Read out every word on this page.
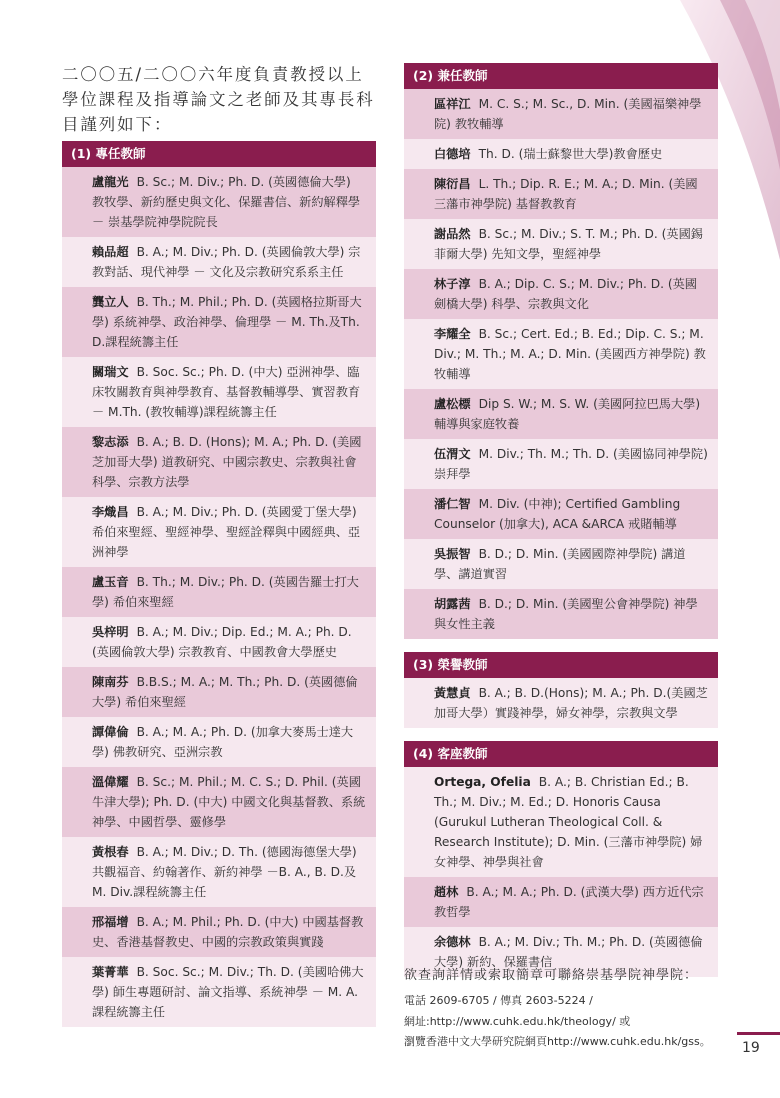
二〇〇五/二〇〇六年度負責教授以上學位課程及指導論文之老師及其專長科目謹列如下：
(1) 專任教師
盧龍光 B. Sc.; M. Div.; Ph. D. (英國德倫大學) 教牧學、新約歷史與文化、保羅書信、新約解釋學 － 崇基學院神學院院長
賴品超 B. A.; M. Div.; Ph. D. (英國倫敦大學) 宗教對話、現代神學 － 文化及宗教研究系系主任
龔立人 B. Th.; M. Phil.; Ph. D. (英國格拉斯哥大學) 系統神學、政治神學、倫理學 － M. Th.及Th. D.課程統籌主任
關瑞文 B. Soc. Sc.; Ph. D. (中大) 亞洲神學、臨床牧關教育與神學教育、基督教輔導學、實習教育－ M.Th. (教牧輔導)課程統籌主任
黎志添 B. A.; B. D. (Hons); M. A.; Ph. D. (美國芝加哥大學) 道教研究、中國宗教史、宗教與社會科學、宗教方法學
李熾昌 B. A.; M. Div.; Ph. D. (英國愛丁堡大學) 希伯來聖經、聖經神學、聖經詮釋與中國經典、亞洲神學
盧玉音 B. Th.; M. Div.; Ph. D. (英國告羅士打大學) 希伯來聖經
吳梓明 B. A.; M. Div.; Dip. Ed.; M. A.; Ph. D. (英國倫敦大學) 宗教教育、中國教會大學歷史
陳南芬 B.B.S.; M. A.; M. Th.; Ph. D. (英國德倫大學) 希伯來聖經
譚偉倫 B. A.; M. A.; Ph. D. (加拿大麥馬士達大學) 佛教研究、亞洲宗教
溫偉耀 B. Sc.; M. Phil.; M. C. S.; D. Phil. (英國牛津大學); Ph. D. (中大) 中國文化與基督教、系統神學、中國哲學、靈修學
黃根春 B. A.; M. Div.; D. Th. (德國海德堡大學) 共觀福音、約翰著作、新約神學 －B. A., B. D.及 M. Div.課程統籌主任
邢福增 B. A.; M. Phil.; Ph. D. (中大) 中國基督教史、香港基督教史、中國的宗教政策與實踐
葉菁華 B. Soc. Sc.; M. Div.; Th. D. (美國哈佛大學) 師生專題研討、論文指導、系統神學 － M. A. 課程統籌主任
(2) 兼任教師
區祥江 M. C. S.; M. Sc., D. Min. (美國福樂神學院) 教牧輔導
白德培 Th. D. (瑞士蘇黎世大學)教會歷史
陳衍昌 L. Th.; Dip. R. E.; M. A.; D. Min. (美國三藩市神學院) 基督教教育
謝品然 B. Sc.; M. Div.; S. T. M.; Ph. D. (英國錫菲爾大學) 先知文學，聖經神學
林子淳 B. A.; Dip. C. S.; M. Div.; Ph. D. (英國劍橋大學) 科學、宗教與文化
李耀全 B. Sc.; Cert. Ed.; B. Ed.; Dip. C. S.; M. Div.; M. Th.; M. A.; D. Min. (美國西方神學院) 教牧輔導
盧松標 Dip S. W.; M. S. W. (美國阿拉巴馬大學) 輔導與家庭牧養
伍渭文 M. Div.; Th. M.; Th. D. (美國協同神學院) 崇拜學
潘仁智 M. Div. (中神); Certified Gambling Counselor (加拿大), ACA &ARCA 戒賭輔導
吳振智 B. D.; D. Min. (美國國際神學院) 講道學、講道實習
胡露茜 B. D.; D. Min. (美國聖公會神學院) 神學與女性主義
(3) 榮譽教師
黃慧貞 B. A.; B. D.(Hons); M. A.; Ph. D.(美國芝加哥大學）實踐神學，婦女神學，宗教與文學
(4) 客座教師
Ortega, Ofelia B. A.; B. Christian Ed.; B. Th.; M. Div.; M. Ed.; D. Honoris Causa (Gurukul Lutheran Theological Coll. & Research Institute); D. Min. (三藩市神學院) 婦女神學、神學與社會
趙林 B. A.; M. A.; Ph. D. (武漢大學) 西方近代宗教哲學
余德林 B. A.; M. Div.; Th. M.; Ph. D. (英國德倫大學) 新約、保羅書信
欲查詢詳情或索取簡章可聯絡崇基學院神學院：
電話 2609-6705 / 傳真 2603-5224 /
網址:http://www.cuhk.edu.hk/theology/ 或
瀏覽香港中文大學研究院網頁http://www.cuhk.edu.hk/gss。	19
